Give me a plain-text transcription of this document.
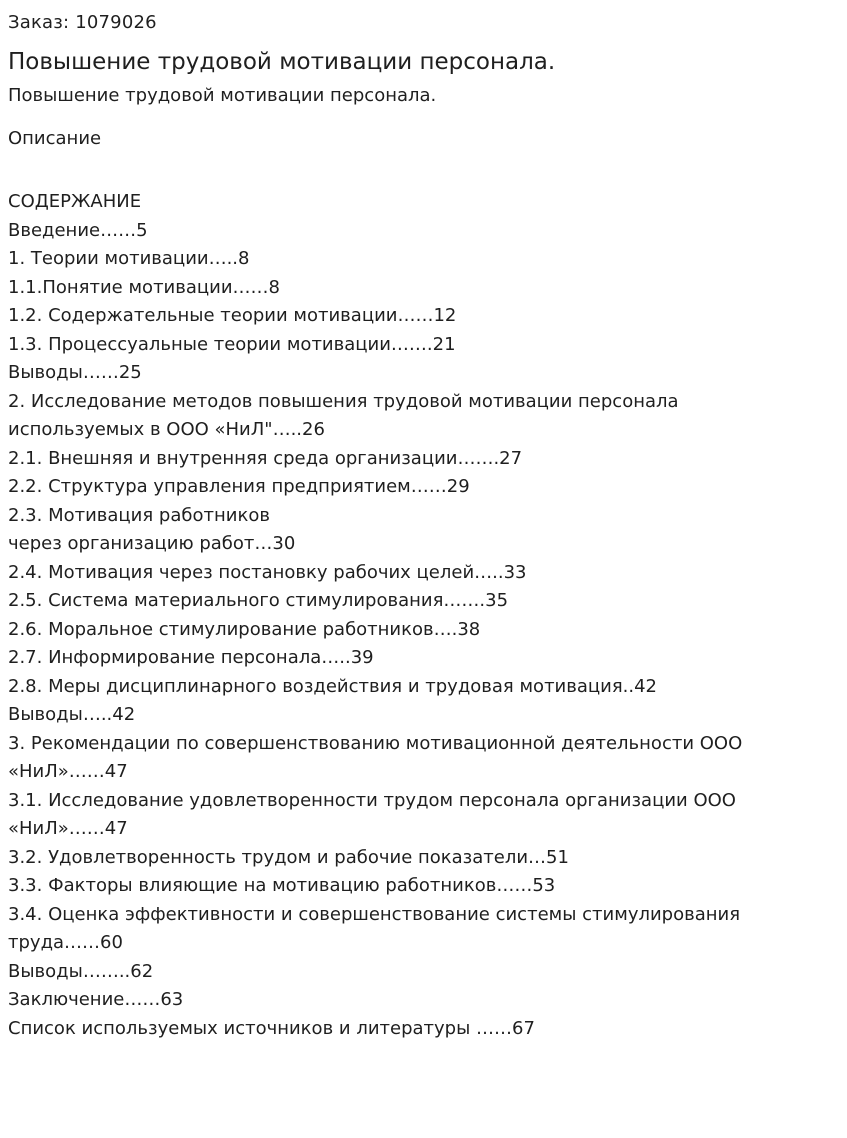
Заказ: 1079026
Повышение трудовой мотивации персонала.
Повышение трудовой мотивации персонала.
Описание
СОДЕРЖАНИЕ
Введение……5
1. Теории мотивации…..8
1.1.Понятие мотивации……8
1.2. Содержательные теории мотивации……12
1.3. Процессуальные теории мотивации…….21
Выводы……25
2. Исследование методов повышения трудовой мотивации персонала
используемых в ООО «НиЛ"…..26
2.1. Внешняя и внутренняя среда организации…….27
2.2. Структура управления предприятием……29
2.3. Мотивация работников
через организацию работ…30
2.4. Мотивация через постановку рабочих целей…..33
2.5. Система материального стимулирования…….35
2.6. Моральное стимулирование работников….38
2.7. Информирование персонала…..39
2.8. Меры дисциплинарного воздействия и трудовая мотивация..42
Выводы…..42
3. Рекомендации по совершенствованию мотивационной деятельности ООО
«НиЛ»……47
3.1. Исследование удовлетворенности трудом персонала организации ООО
«НиЛ»……47
3.2. Удовлетворенность трудом и рабочие показатели…51
3.3. Факторы влияющие на мотивацию работников……53
3.4. Оценка эффективности и совершенствование системы стимулирования
труда……60
Выводы……..62
Заключение……63
Список используемых источников и литературы ……67
